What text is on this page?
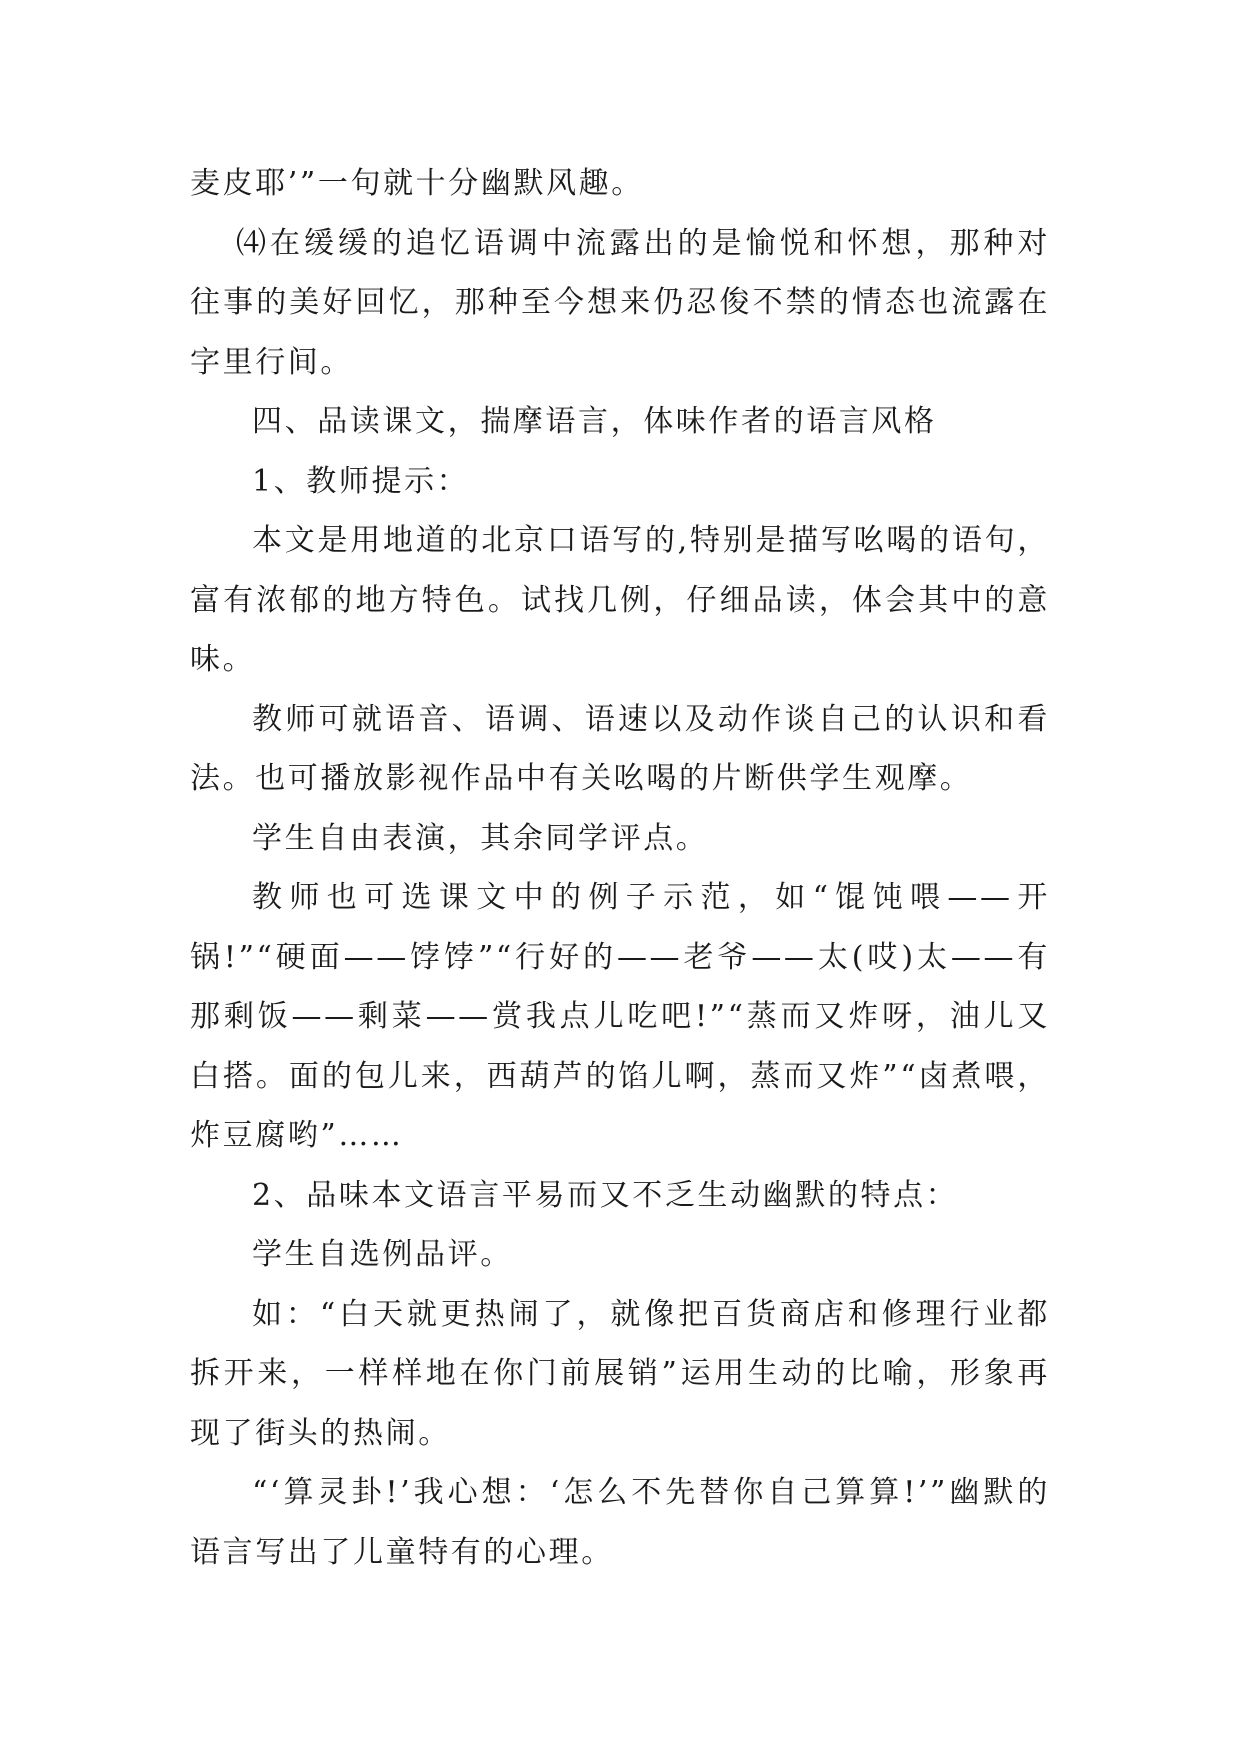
麦皮耶’”一句就十分幽默风趣。

⑷在缓缓的追忆语调中流露出的是愉悦和怀想，那种对往事的美好回忆，那种至今想来仍忍俊不禁的情态也流露在字里行间。

四、品读课文，揣摩语言，体味作者的语言风格

1、教师提示：

本文是用地道的北京口语写的,特别是描写吆喝的语句，富有浓郁的地方特色。试找几例，仔细品读，体会其中的意味。

教师可就语音、语调、语速以及动作谈自己的认识和看法。也可播放影视作品中有关吆喝的片断供学生观摩。

学生自由表演，其余同学评点。

教师也可选课文中的例子示范，如“馄饨喂——开锅!”“硬面——饽饽”“行好的——老爷——太(哎)太——有那剩饭——剩菜——赏我点儿吃吧!”“蒸而又炸呀，油儿又白搭。面的包儿来，西葫芦的馅儿啊，蒸而又炸”“卤煮喂，炸豆腐哟”……

2、品味本文语言平易而又不乏生动幽默的特点：

学生自选例品评。

如：“白天就更热闹了，就像把百货商店和修理行业都拆开来，一样样地在你门前展销”运用生动的比喻，形象再现了街头的热闹。

“‘算灵卦!’我心想：‘怎么不先替你自己算算!’”幽默的语言写出了儿童特有的心理。
